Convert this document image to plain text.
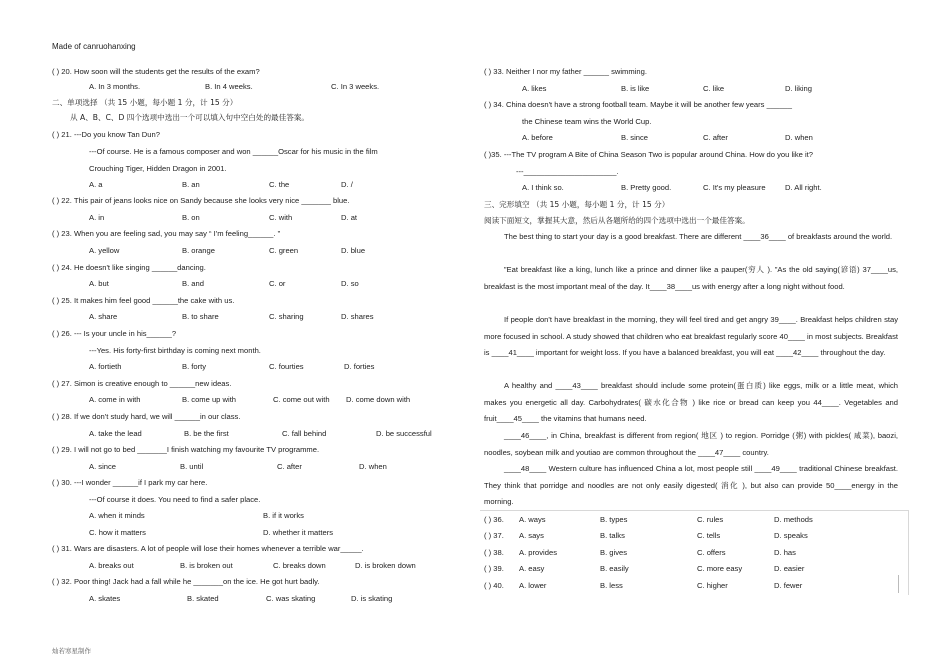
Made of canruohanxing
灿若寒星制作
( ) 20. How soon will the students get the results of the exam?
A. In 3 months.	B. In 4 weeks.	C. In 3 weeks.
二、单项选择 （共 15 小题，每小题 1 分，计 15 分）
从 A、B、C、D 四个选项中选出一个可以填入句中空白处的最佳答案。
( ) 21. ---Do you know Tan Dun?
---Of course. He is a famous composer and won ______Oscar for his music in the film
Crouching Tiger, Hidden Dragon in 2001.
A. a	B. an	C. the	D. /
( ) 22. This pair of jeans looks nice on Sandy because she looks very nice _______ blue.
A. in	B. on	C. with	D. at
( ) 23. When you are feeling sad, you may say “ I'm feeling______. ”
A. yellow	B. orange	C. green	D. blue
( ) 24. He doesn't like singing ______dancing.
A. but	B. and	C. or	D. so
( ) 25. It makes him feel good ______the cake with us.
A. share	B. to share	C. sharing	D. shares
( ) 26. --- Is your uncle in his______?
---Yes. His forty-first birthday is coming next month.
A. fortieth	B. forty	C. fourties	D. forties
( ) 27. Simon is creative enough to ______new ideas.
A. come in with	B. come up with	C. come out with D. come down with
( ) 28. If we don't study hard, we will ______in our class.
A. take the lead	B. be the first	C. fall behind	D. be successful
( ) 29. I will not go to bed _______I finish watching my favourite TV programme.
A. since	B. until	C. after	D. when
( ) 30. ---I wonder ______if I park my car here.
---Of course it does. You need to find a safer place.
A. when it minds	B. if it works
C. how it matters	D. whether it matters
( ) 31. Wars are disasters. A lot of people will lose their homes whenever a terrible war_____.
A. breaks out	B. is broken out	C. breaks down	D. is broken down
( ) 32. Poor thing! Jack had a fall while he _______on the ice. He got hurt badly.
A. skates	B. skated	C. was skating	D. is skating
( ) 33. Neither I nor my father ______ swimming.
A. likes	B. is like	C. like	D. liking
( ) 34. China doesn't have a strong football team. Maybe it will be another few years ______
the Chinese team wins the World Cup.
A. before	B. since	C. after	D. when
( )35. ---The TV program A Bite of China Season Two is popular around China. How do you like it?
---______________________.
A. I think so.	B. Pretty good.	C. It's my pleasure	D. All right.
三、完形填空 （共 15 小题，每小题 1 分，计 15 分）
阅读下面短文，掌握其大意，然后从各题所给的四个选项中选出一个最佳答案。
The best thing to start your day is a good breakfast. There are different ____36____ of breakfasts around the world.
”Eat breakfast like a king, lunch like a prince and dinner like a pauper(穷人 ). ”As the old saying(谚语) 37____us, breakfast is the most important meal of the day. It____38____us with energy after a long night without food.
If people don't have breakfast in the morning, they will feel tired and get angry 39____. Breakfast helps children stay more focused in school. A study showed that children who eat breakfast regularly score 40____ in most subjects. Breakfast is ____41____ important for weight loss. If you have a balanced breakfast, you will eat ____42____ throughout the day.
A healthy and ____43____ breakfast should include some protein(蛋白质) like eggs, milk or a little meat, which makes you energetic all day. Carbohydrates( 碳水化合物 ) like rice or bread can keep you 44____. Vegetables and fruit____45____ the vitamins that humans need.
____46____, in China, breakfast is different from region( 地区 ) to region. Porridge (粥) with pickles( 咸菜), baozi, noodles, soybean milk and youtiao are common throughout the ____47____ country.
____48____ Western culture has influenced China a lot, most people still ____49____ traditional Chinese breakfast. They think that porridge and noodles are not only easily digested( 消化 ), but also can provide 50____energy in the morning.
( ) 36. A. ways	B. types	C. rules	D. methods
( ) 37. A. says	B. talks	C. tells	D. speaks
( ) 38. A. provides	B. gives	C. offers	D. has
( ) 39. A. easy	B. easily	C. more easy	D. easier
( ) 40. A. lower	B. less	C. higher	D. fewer
